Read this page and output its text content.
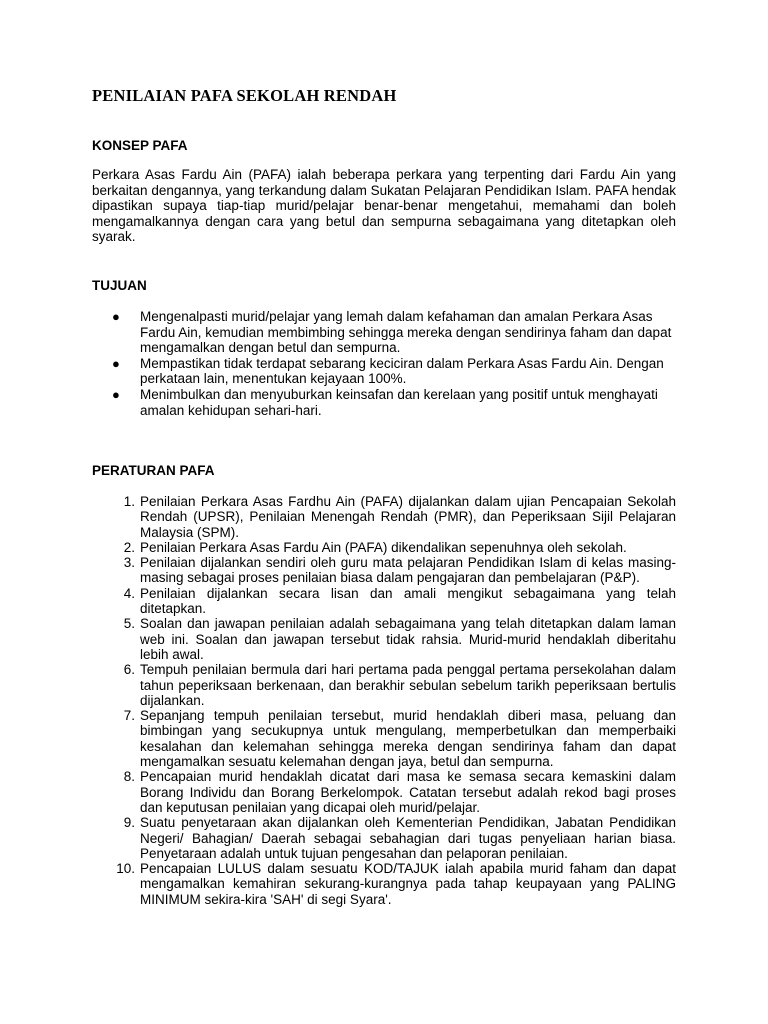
PENILAIAN PAFA SEKOLAH RENDAH
KONSEP PAFA

Perkara Asas Fardu Ain (PAFA) ialah beberapa perkara yang terpenting dari Fardu Ain yang berkaitan dengannya, yang terkandung dalam Sukatan Pelajaran Pendidikan Islam. PAFA hendak dipastikan supaya tiap-tiap murid/pelajar benar-benar mengetahui, memahami dan boleh mengamalkannya dengan cara yang betul dan sempurna sebagaimana yang ditetapkan oleh syarak.

TUJUAN
● Mengenalpasti murid/pelajar yang lemah dalam kefahaman dan amalan Perkara Asas Fardu Ain, kemudian membimbing sehingga mereka dengan sendirinya faham dan dapat mengamalkan dengan betul dan sempurna.
● Mempastikan tidak terdapat sebarang keciciran dalam Perkara Asas Fardu Ain. Dengan perkataan lain, menentukan kejayaan 100%.
● Menimbulkan dan menyuburkan keinsafan dan kerelaan yang positif untuk menghayati amalan kehidupan sehari-hari.
PERATURAN PAFA
1. Penilaian Perkara Asas Fardhu Ain (PAFA) dijalankan dalam ujian Pencapaian Sekolah Rendah (UPSR), Penilaian Menengah Rendah (PMR), dan Peperiksaan Sijil Pelajaran Malaysia (SPM).
2. Penilaian Perkara Asas Fardu Ain (PAFA) dikendalikan sepenuhnya oleh sekolah.
3. Penilaian dijalankan sendiri oleh guru mata pelajaran Pendidikan Islam di kelas masing-masing sebagai proses penilaian biasa dalam pengajaran dan pembelajaran (P&P).
4. Penilaian dijalankan secara lisan dan amali mengikut sebagaimana yang telah ditetapkan.
5. Soalan dan jawapan penilaian adalah sebagaimana yang telah ditetapkan dalam laman web ini. Soalan dan jawapan tersebut tidak rahsia. Murid-murid hendaklah diberitahu lebih awal.
6. Tempuh penilaian bermula dari hari pertama pada penggal pertama persekolahan dalam tahun peperiksaan berkenaan, dan berakhir sebulan sebelum tarikh peperiksaan bertulis dijalankan.
7. Sepanjang tempuh penilaian tersebut, murid hendaklah diberi masa, peluang dan bimbingan yang secukupnya untuk mengulang, memperbetulkan dan memperbaiki kesalahan dan kelemahan sehingga mereka dengan sendirinya faham dan dapat mengamalkan sesuatu kelemahan dengan jaya, betul dan sempurna.
8. Pencapaian murid hendaklah dicatat dari masa ke semasa secara kemaskini dalam Borang Individu dan Borang Berkelompok. Catatan tersebut adalah rekod bagi proses dan keputusan penilaian yang dicapai oleh murid/pelajar.
9. Suatu penyetaraan akan dijalankan oleh Kementerian Pendidikan, Jabatan Pendidikan Negeri/ Bahagian/ Daerah sebagai sebahagian dari tugas penyeliaan harian biasa. Penyetaraan adalah untuk tujuan pengesahan dan pelaporan penilaian.
10. Pencapaian LULUS dalam sesuatu KOD/TAJUK ialah apabila murid faham dan dapat mengamalkan kemahiran sekurang-kurangnya pada tahap keupayaan yang PALING MINIMUM sekira-kira 'SAH' di segi Syara'.
